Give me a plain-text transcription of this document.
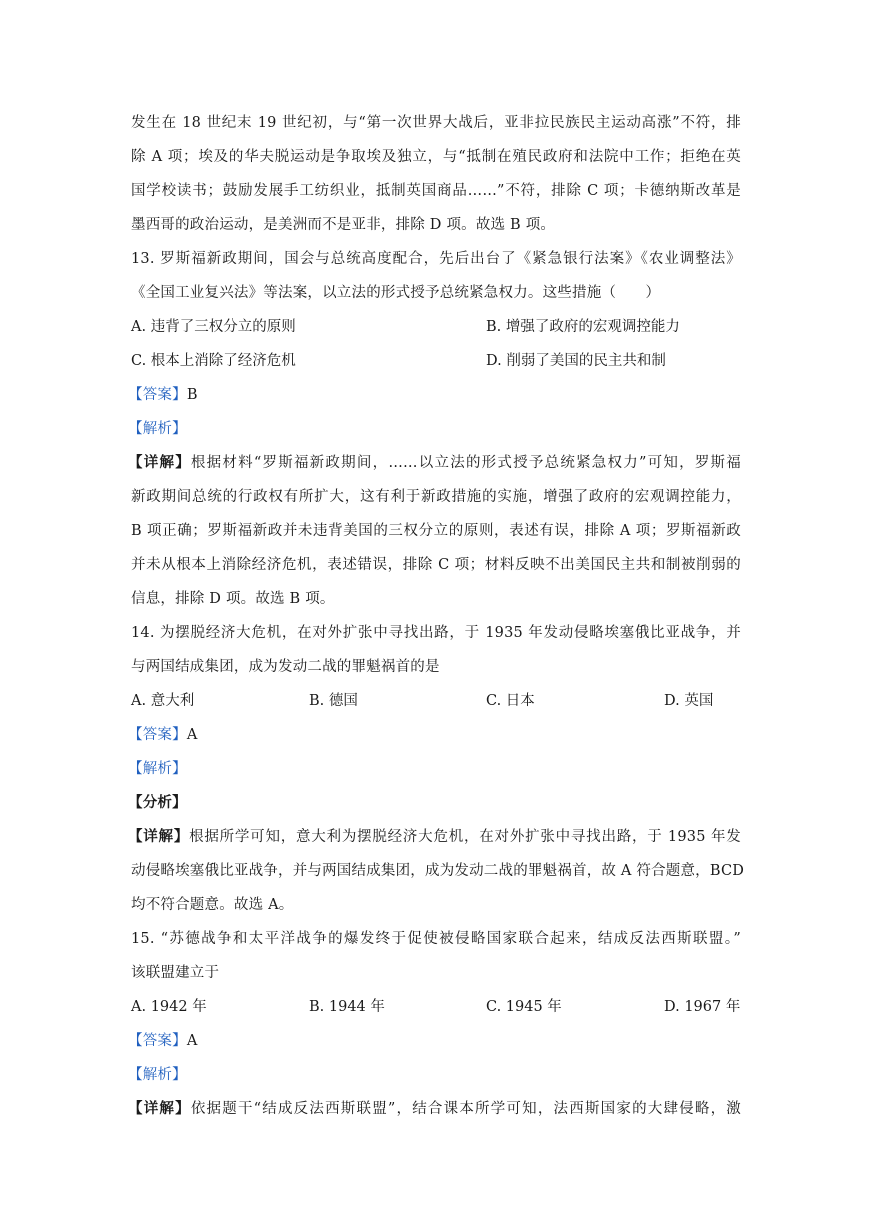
发生在 18 世纪末 19 世纪初，与“第一次世界大战后，亚非拉民族民主运动高涨”不符，排
除 A 项；埃及的华夫脱运动是争取埃及独立，与“抵制在殖民政府和法院中工作；拒绝在英
国学校读书；鼓励发展手工纺织业，抵制英国商品……”不符，排除 C 项；卡德纳斯改革是
墨西哥的政治运动，是美洲而不是亚非，排除 D 项。故选 B 项。
13. 罗斯福新政期间，国会与总统高度配合，先后出台了《紧急银行法案》《农业调整法》
《全国工业复兴法》等法案，以立法的形式授予总统紧急权力。这些措施（　　）
A. 违背了三权分立的原则	B. 增强了政府的宏观调控能力
C. 根本上消除了经济危机	D. 削弱了美国的民主共和制
【答案】B
【解析】
【详解】根据材料“罗斯福新政期间，……以立法的形式授予总统紧急权力”可知，罗斯福
新政期间总统的行政权有所扩大，这有利于新政措施的实施，增强了政府的宏观调控能力，
B 项正确；罗斯福新政并未违背美国的三权分立的原则，表述有误，排除 A 项；罗斯福新政
并未从根本上消除经济危机，表述错误，排除 C 项；材料反映不出美国民主共和制被削弱的
信息，排除 D 项。故选 B 项。
14. 为摆脱经济大危机，在对外扩张中寻找出路，于 1935 年发动侵略埃塞俄比亚战争，并
与两国结成集团，成为发动二战的罪魁祸首的是
A. 意大利	B. 德国	C. 日本	D. 英国
【答案】A
【解析】
【分析】
【详解】根据所学可知，意大利为摆脱经济大危机，在对外扩张中寻找出路，于 1935 年发
动侵略埃塞俄比亚战争，并与两国结成集团，成为发动二战的罪魁祸首，故 A 符合题意，BCD
均不符合题意。故选 A。
15. “苏德战争和太平洋战争的爆发终于促使被侵略国家联合起来，结成反法西斯联盟。”
该联盟建立于
A. 1942 年	B. 1944 年	C. 1945 年	D. 1967 年
【答案】A
【解析】
【详解】依据题干“结成反法西斯联盟”，结合课本所学可知，法西斯国家的大肆侵略，激
